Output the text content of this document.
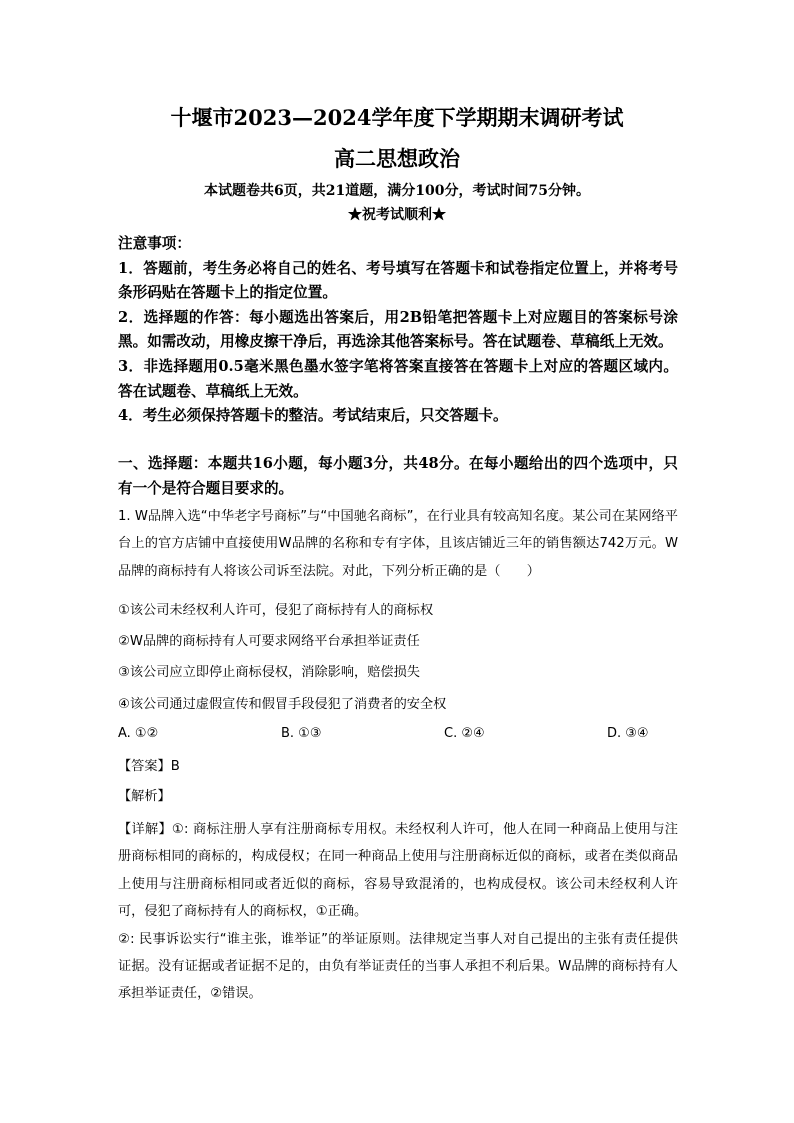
十堰市2023—2024学年度下学期期末调研考试
高二思想政治
本试题卷共6页，共21道题，满分100分，考试时间75分钟。
★祝考试顺利★

注意事项：

1．答题前，考生务必将自己的姓名、考号填写在答题卡和试卷指定位置上，并将考号条形码贴在答题卡上的指定位置。

2．选择题的作答：每小题选出答案后，用2B铅笔把答题卡上对应题目的答案标号涂黑。如需改动，用橡皮擦干净后，再选涂其他答案标号。答在试题卷、草稿纸上无效。

3．非选择题用0.5毫米黑色墨水签字笔将答案直接答在答题卡上对应的答题区域内。答在试题卷、草稿纸上无效。

4．考生必须保持答题卡的整洁。考试结束后，只交答题卡。

一、选择题：本题共16小题，每小题3分，共48分。在每小题给出的四个选项中，只有一个是符合题目要求的。

1. W品牌入选“中华老字号商标”与“中国驰名商标”，在行业具有较高知名度。某公司在某网络平台上的官方店铺中直接使用W品牌的名称和专有字体，且该店铺近三年的销售额达742万元。W品牌的商标持有人将该公司诉至法院。对此，下列分析正确的是（　　）

①该公司未经权利人许可，侵犯了商标持有人的商标权

②W品牌的商标持有人可要求网络平台承担举证责任

③该公司应立即停止商标侵权，消除影响，赔偿损失

④该公司通过虚假宣传和假冒手段侵犯了消费者的安全权

A. ①②	B. ①③	C. ②④	D. ③④

【答案】B

【解析】

【详解】①: 商标注册人享有注册商标专用权。未经权利人许可，他人在同一种商品上使用与注册商标相同的商标的，构成侵权；在同一种商品上使用与注册商标近似的商标，或者在类似商品上使用与注册商标相同或者近似的商标，容易导致混淆的，也构成侵权。该公司未经权利人许可，侵犯了商标持有人的商标权，①正确。

②: 民事诉讼实行“谁主张，谁举证”的举证原则。法律规定当事人对自己提出的主张有责任提供证据。没有证据或者证据不足的，由负有举证责任的当事人承担不利后果。W品牌的商标持有人承担举证责任，②错误。
